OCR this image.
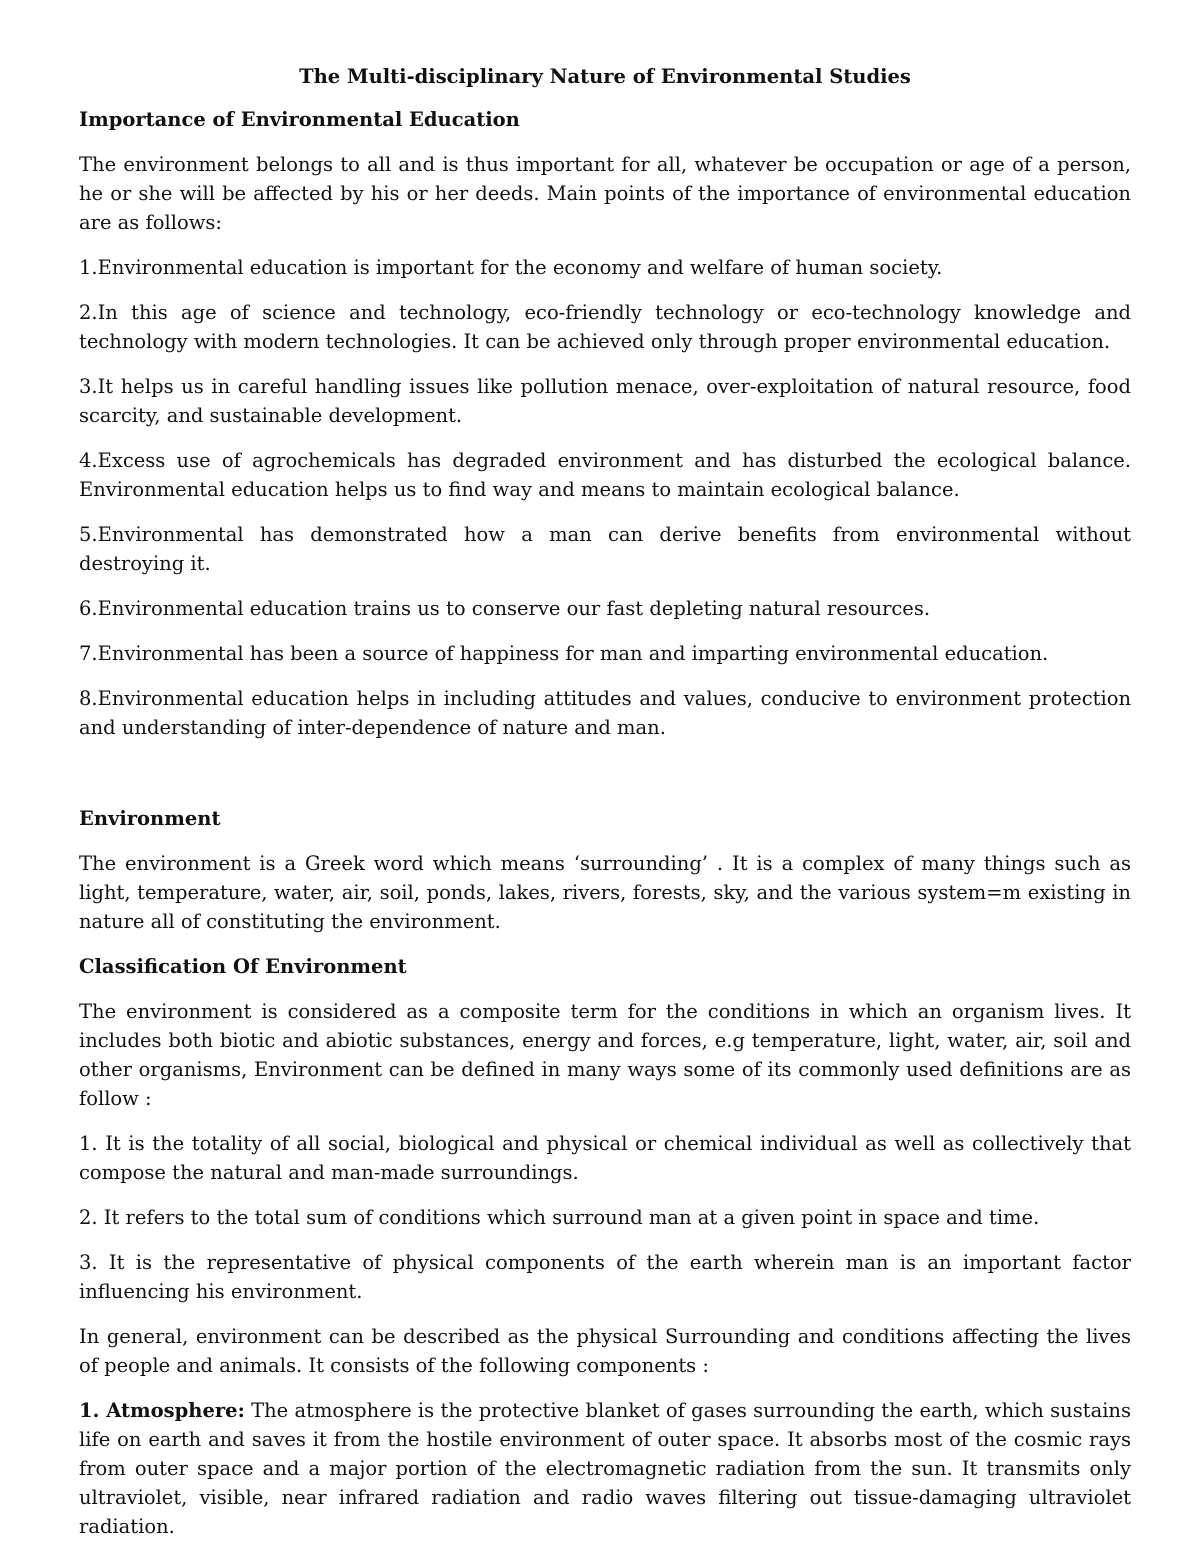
The Multi-disciplinary Nature of Environmental Studies
Importance of Environmental Education

The environment belongs to all and is thus important for all, whatever be occupation or age of a person, he or she will be affected by his or her deeds. Main points of the importance of environmental education are as follows:

1.Environmental education is important for the economy and welfare of human society.

2.In this age of science and technology, eco-friendly technology or eco-technology knowledge and technology with modern technologies. It can be achieved only through proper environmental education.

3.It helps us in careful handling issues like pollution menace, over-exploitation of natural resource, food scarcity, and sustainable development.

4.Excess use of agrochemicals has degraded environment and has disturbed the ecological balance. Environmental education helps us to find way and means to maintain ecological balance.

5.Environmental has demonstrated how a man can derive benefits from environmental without destroying it.

6.Environmental education trains us to conserve our fast depleting natural resources.

7.Environmental has been a source of happiness for man and imparting environmental education.

8.Environmental education helps in including attitudes and values, conducive to environment protection and understanding of inter-dependence of nature and man.

Environment

The environment is a Greek word which means ‘surrounding’ . It is a complex of many things such as light, temperature, water, air, soil, ponds, lakes, rivers, forests, sky, and the various system=m existing in nature all of constituting the environment.

Classification Of Environment

The environment is considered as a composite term for the conditions in which an organism lives. It includes both biotic and abiotic substances, energy and forces, e.g temperature, light, water, air, soil and other organisms, Environment can be defined in many ways some of its commonly used definitions are as follow :

1. It is the totality of all social, biological and physical or chemical individual as well as collectively that compose the natural and man-made surroundings.

2. It refers to the total sum of conditions which surround man at a given point in space and time.

3. It is the representative of physical components of the earth wherein man is an important factor influencing his environment.

In general, environment can be described as the physical Surrounding and conditions affecting the lives of people and animals. It consists of the following components :

1. Atmosphere: The atmosphere is the protective blanket of gases surrounding the earth, which sustains life on earth and saves it from the hostile environment of outer space. It absorbs most of the cosmic rays from outer space and a major portion of the electromagnetic radiation from the sun. It transmits only ultraviolet, visible, near infrared radiation and radio waves filtering out tissue-damaging ultraviolet radiation.
